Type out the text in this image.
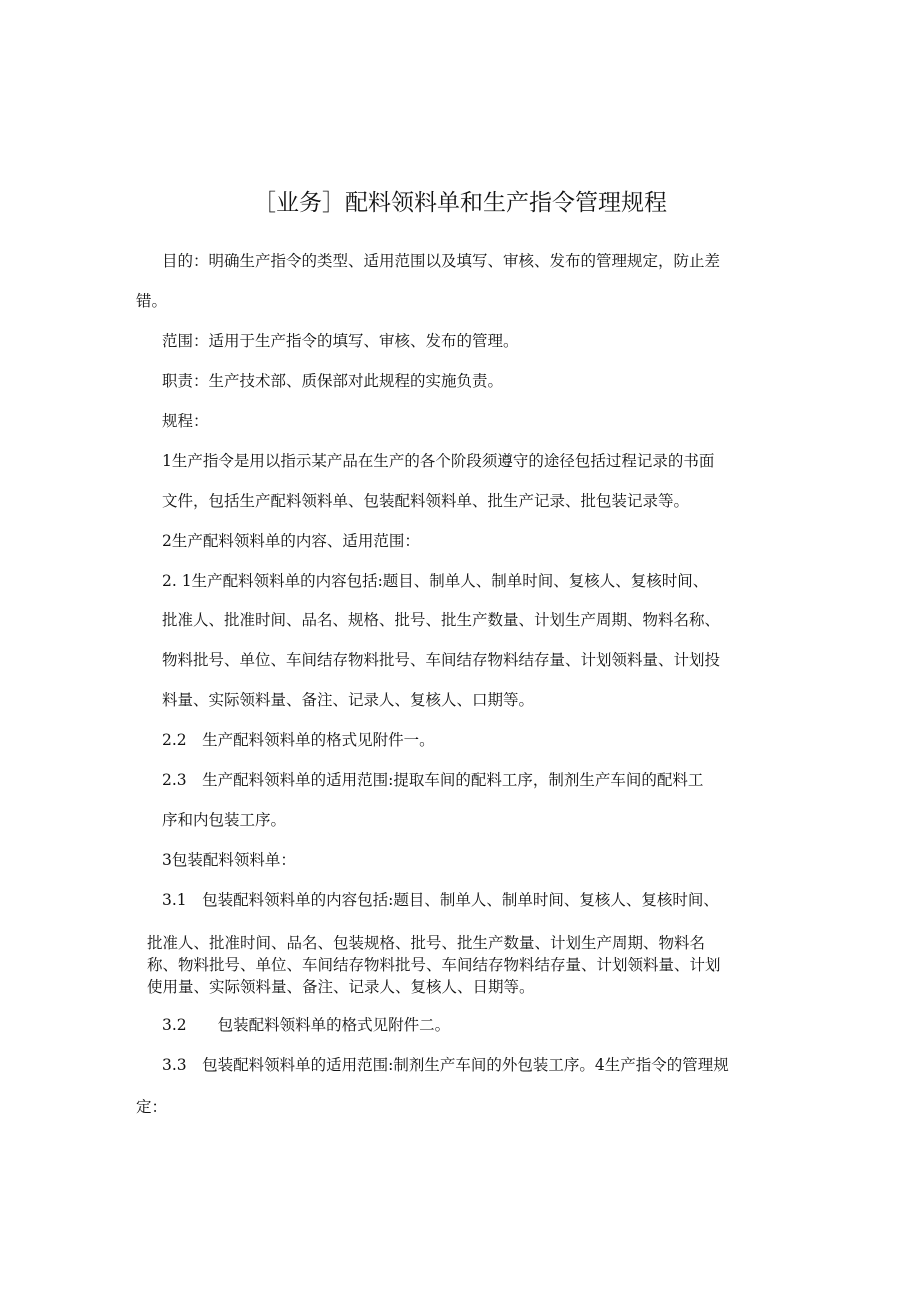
［业务］配料领料单和生产指令管理规程
目的：明确生产指令的类型、适用范围以及填写、审核、发布的管理规定，防止差
错。
范围：适用于生产指令的填写、审核、发布的管理。
职责：生产技术部、质保部对此规程的实施负责。
规程：
1生产指令是用以指示某产品在生产的各个阶段须遵守的途径包括过程记录的书面
文件，包括生产配料领料单、包装配料领料单、批生产记录、批包装记录等。
2生产配料领料单的内容、适用范围：
2. 1生产配料领料单的内容包括:题目、制单人、制单时间、复核人、复核时间、
批准人、批准时间、品名、规格、批号、批生产数量、计划生产周期、物料名称、
物料批号、单位、车间结存物料批号、车间结存物料结存量、计划领料量、计划投
料量、实际领料量、备注、记录人、复核人、口期等。
2.2　生产配料领料单的格式见附件一。
2.3　生产配料领料单的适用范围:提取车间的配料工序，制剂生产车间的配料工
序和内包装工序。
3包装配料领料单：
3.1　包装配料领料单的内容包括:题目、制单人、制单时间、复核人、复核时间、
批准人、批准时间、品名、包装规格、批号、批生产数量、计划生产周期、物料名
称、物料批号、单位、车间结存物料批号、车间结存物料结存量、计划领料量、计划
使用量、实际领料量、备注、记录人、复核人、日期等。
3.2　　包装配料领料单的格式见附件二。
3.3　包装配料领料单的适用范围:制剂生产车间的外包装工序。4生产指令的管理规
定：
